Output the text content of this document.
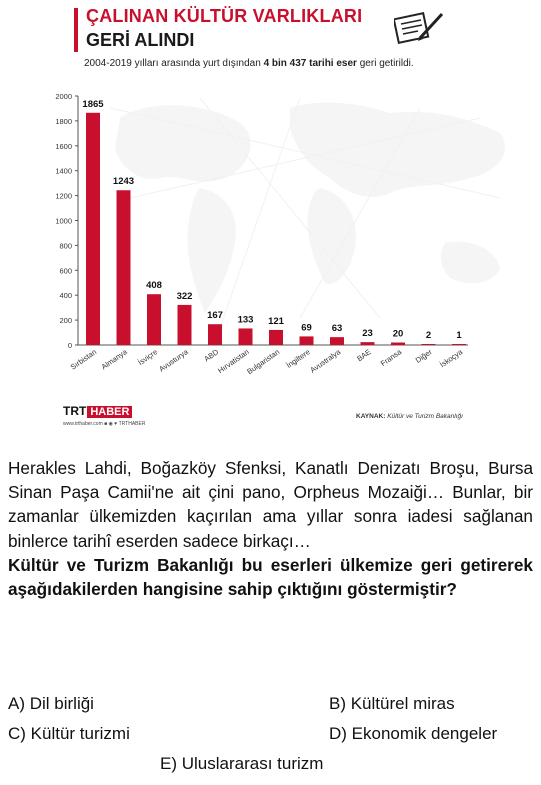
ÇALINAN KÜLTÜR VARLIKLARI
GERİ ALINDI
2004-2019 yılları arasında yurt dışından 4 bin 437 tarihi eser geri getirildi.
0
200
400
600
800
1000
1200
1400
1600
1800
2000
1865
1243
408
322
167 133 121
69 63 23 20 2	1
Sırbistan Almanya İsviçre
Avusturya ABD
Hırvatistan
Bulgaristan İngiltere
Avustralya BAE Fransa Diğer İskoçya
TRT HABER
www.trthaber.com ■ ◉ ♥ TRTHABER
KAYNAK: Kültür ve Turizm Bakanlığı

Herakles Lahdi, Boğazköy Sfenksi, Kanatlı Denizatı Broşu, Bursa Sinan Paşa Camii'ne ait çini pano, Orpheus Mozaiği… Bunlar, bir zamanlar ülkemizden kaçırılan ama yıllar sonra iadesi sağlanan binlerce tarihî eserden sadece birkaçı…

Kültür ve Turizm Bakanlığı bu eserleri ülkemize geri getirerek aşağıdakilerden hangisine sahip çıktığını göstermiştir?

A) Dil birliği	B) Kültürel miras
C) Kültür turizmi	D) Ekonomik dengeler
E) Uluslararası turizm
